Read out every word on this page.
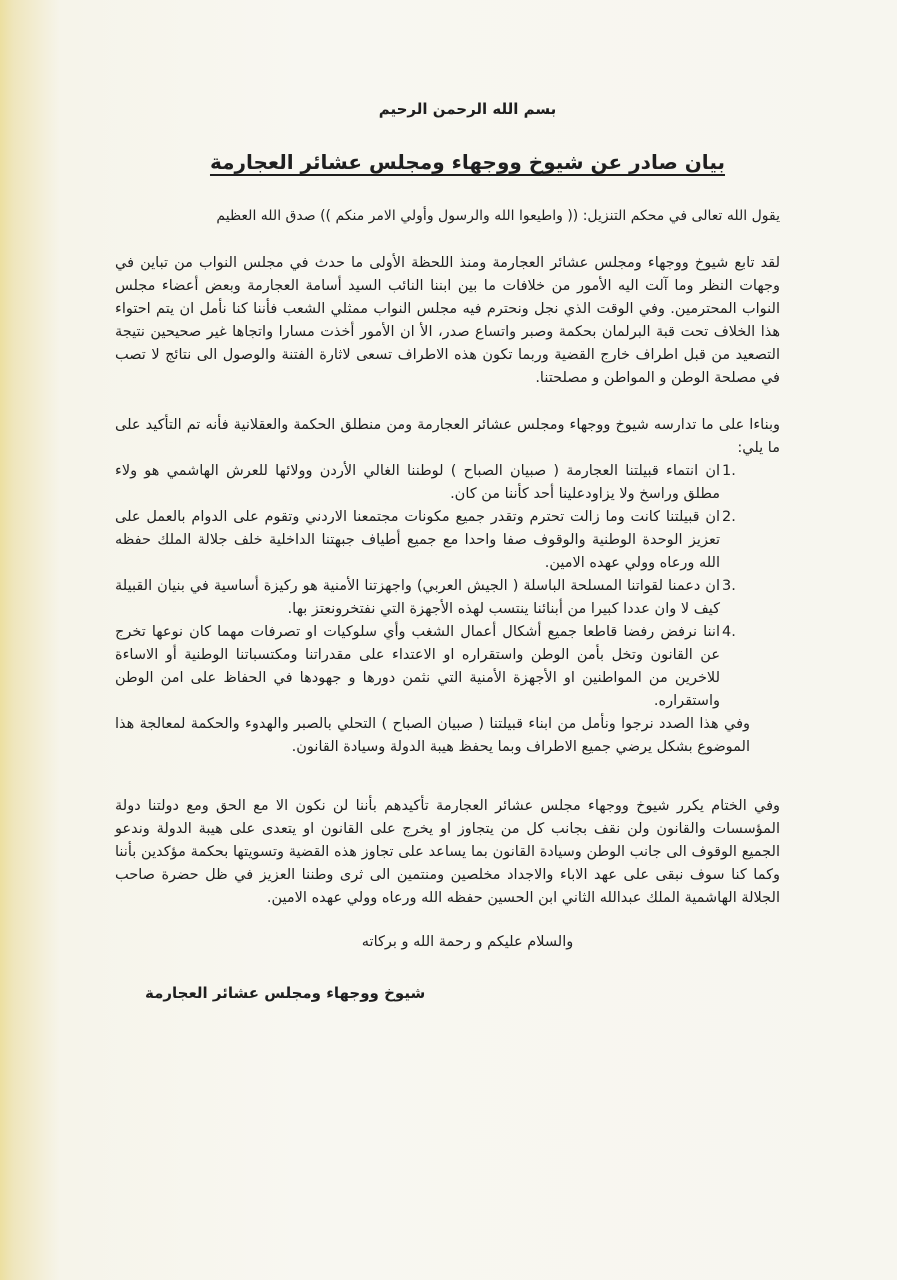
بسم الله الرحمن الرحيم
بيان صادر عن شيوخ ووجهاء ومجلس عشائر العجارمة
يقول الله تعالى في محكم التنزيل: (( واطيعوا الله والرسول وأولي الامر منكم )) صدق الله العظيم

لقد تابع شيوخ ووجهاء ومجلس عشائر العجارمة ومنذ اللحظة الأولى ما حدث في مجلس النواب من تباين في وجهات النظر وما آلت اليه الأمور من خلافات ما بين ابننا النائب السيد أسامة العجارمة وبعض أعضاء مجلس النواب المحترمين. وفي الوقت الذي نجل ونحترم فيه مجلس النواب ممثلي الشعب فأننا كنا نأمل ان يتم احتواء هذا الخلاف تحت قبة البرلمان بحكمة وصبر واتساع صدر، الأ ان الأمور أخذت مسارا واتجاها غير صحيحين نتيجة التصعيد من قبل اطراف خارج القضية وربما تكون هذه الاطراف تسعى لاثارة الفتنة والوصول الى نتائج لا تصب في مصلحة الوطن و المواطن و مصلحتنا.

وبناءا على ما تدارسه شيوخ ووجهاء ومجلس عشائر العجارمة ومن منطلق الحكمة والعقلانية فأنه تم التأكيد على ما يلي:

1.
ان انتماء قبيلتنا العجارمة ( صبيان الصباح ) لوطننا الغالي الأردن وولائها للعرش الهاشمي هو ولاء مطلق وراسخ ولا يزاودعلينا أحد كأننا من كان.
2.
ان قبيلتنا كانت وما زالت تحترم وتقدر جميع مكونات مجتمعنا الاردني وتقوم على الدوام بالعمل على تعزيز الوحدة الوطنية والوقوف صفا واحدا مع جميع أطياف جبهتنا الداخلية خلف جلالة الملك حفظه الله ورعاه وولي عهده الامين.
3.
ان دعمنا لقواتنا المسلحة الباسلة ( الجيش العربي) واجهزتنا الأمنية هو ركيزة أساسية في بنيان القبيلة كيف لا وان عددا كبيرا من أبنائنا ينتسب لهذه الأجهزة التي نفتخرونعتز بها.
4.
اننا نرفض رفضا قاطعا جميع أشكال أعمال الشغب وأي سلوكيات او تصرفات مهما كان نوعها تخرج عن القانون وتخل بأمن الوطن واستقراره او الاعتداء على مقدراتنا ومكتسباتنا الوطنية أو الاساءة للاخرين من المواطنين او الأجهزة الأمنية التي نثمن دورها و جهودها في الحفاظ على امن الوطن واستقراره.

وفي هذا الصدد نرجوا ونأمل من ابناء قبيلتنا ( صبيان الصباح ) التحلي بالصبر والهدوء والحكمة لمعالجة هذا الموضوع بشكل يرضي جميع الاطراف وبما يحفظ هيبة الدولة وسيادة القانون.

وفي الختام يكرر شيوخ ووجهاء مجلس عشائر العجارمة تأكيدهم بأننا لن نكون الا مع الحق ومع دولتنا دولة المؤسسات والقانون ولن نقف بجانب كل من يتجاوز او يخرج على القانون او يتعدى على هيبة الدولة وندعو الجميع الوقوف الى جانب الوطن وسيادة القانون بما يساعد على تجاوز هذه القضية وتسويتها بحكمة مؤكدين بأننا وكما كنا سوف نبقى على عهد الاباء والاجداد مخلصين ومنتمين الى ثرى وطننا العزيز في ظل حضرة صاحب الجلالة الهاشمية الملك عبدالله الثاني ابن الحسين حفظه الله ورعاه وولي عهده الامين.

والسلام عليكم و رحمة الله و بركاته
شيوخ ووجهاء ومجلس عشائر العجارمة
